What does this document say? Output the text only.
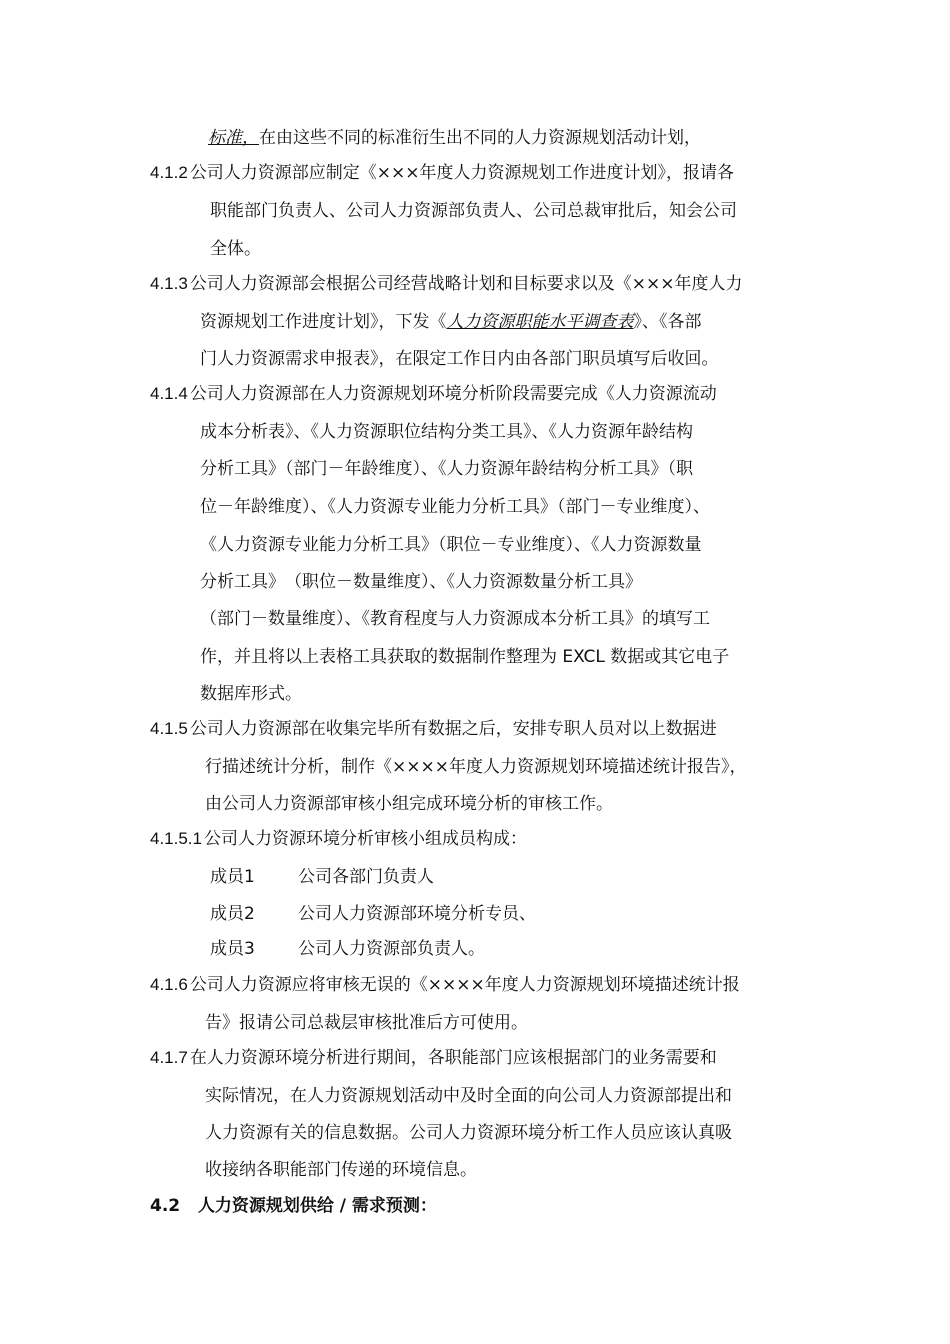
标准，在由这些不同的标准衍生出不同的人力资源规划活动计划，
4.1.2 公司人力资源部应制定《×××年度人力资源规划工作进度计划》，报请各
职能部门负责人、公司人力资源部负责人、公司总裁审批后，知会公司
全体。
4.1.3 公司人力资源部会根据公司经营战略计划和目标要求以及《×××年度人力
资源规划工作进度计划》，下发《人力资源职能水平调查表》、《各部
门人力资源需求申报表》，在限定工作日内由各部门职员填写后收回。
4.1.4 公司人力资源部在人力资源规划环境分析阶段需要完成《人力资源流动
成本分析表》、《人力资源职位结构分类工具》、《人力资源年龄结构
分析工具》（部门－年龄维度）、《人力资源年龄结构分析工具》（职
位－年龄维度）、《人力资源专业能力分析工具》（部门－专业维度）、
《人力资源专业能力分析工具》（职位－专业维度）、《人力资源数量
分析工具》　（职位－数量维度）、《人力资源数量分析工具》
（部门－数量维度）、《教育程度与人力资源成本分析工具》的填写工
作，并且将以上表格工具获取的数据制作整理为 EXCL 数据或其它电子
数据库形式。
4.1.5 公司人力资源部在收集完毕所有数据之后，安排专职人员对以上数据进
行描述统计分析，制作《××××年度人力资源规划环境描述统计报告》，
由公司人力资源部审核小组完成环境分析的审核工作。
4.1.5.1 公司人力资源环境分析审核小组成员构成：
成员1	公司各部门负责人
成员2	公司人力资源部环境分析专员、
成员3	公司人力资源部负责人。
4.1.6 公司人力资源应将审核无误的《××××年度人力资源规划环境描述统计报
告》报请公司总裁层审核批准后方可使用。
4.1.7 在人力资源环境分析进行期间，各职能部门应该根据部门的业务需要和
实际情况，在人力资源规划活动中及时全面的向公司人力资源部提出和
人力资源有关的信息数据。公司人力资源环境分析工作人员应该认真吸
收接纳各职能部门传递的环境信息。
4.2 人力资源规划供给 / 需求预测：
